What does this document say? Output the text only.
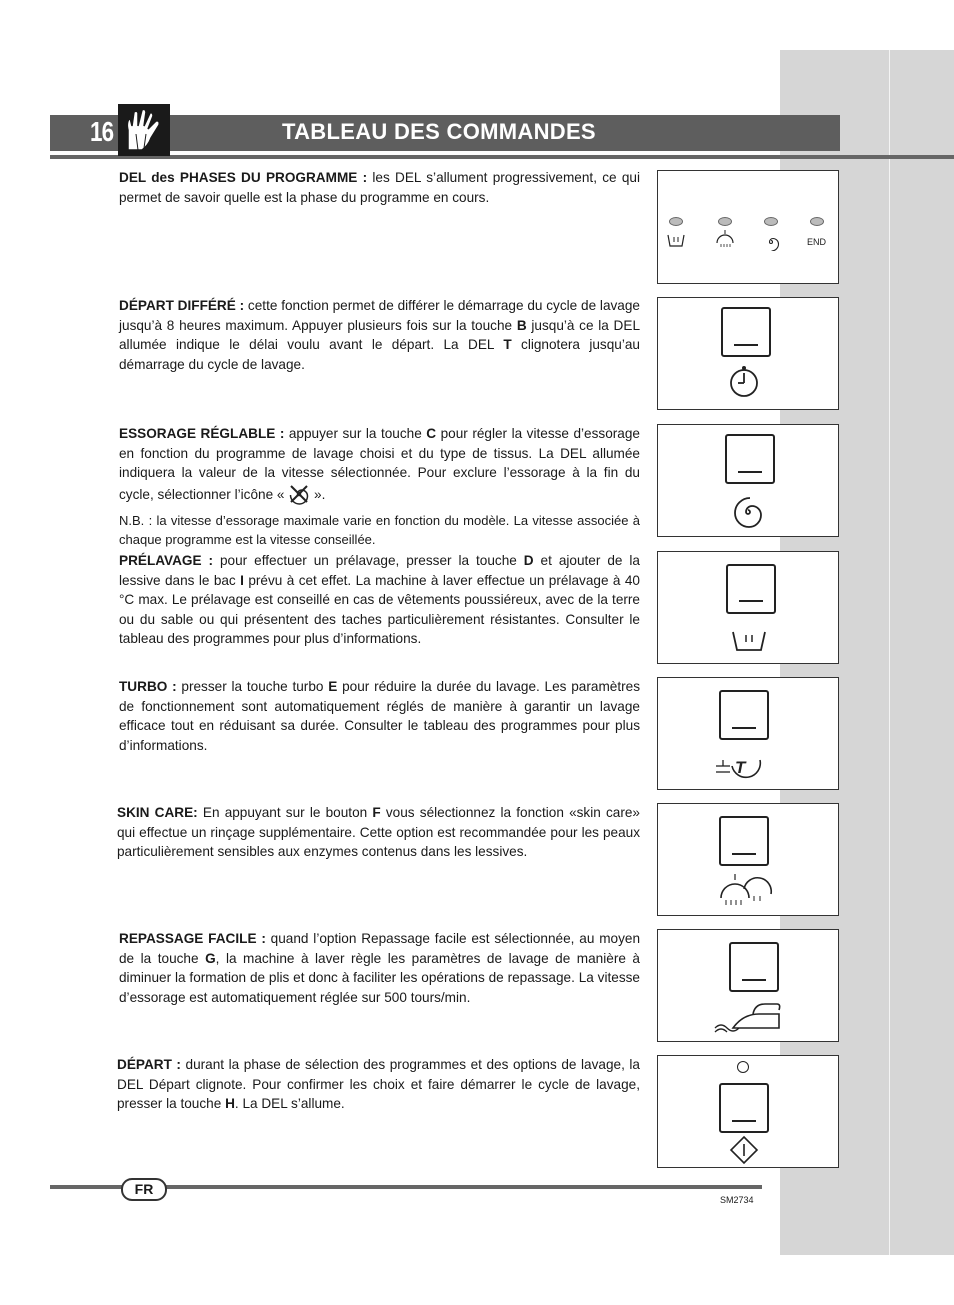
16	TABLEAU DES COMMANDES
DEL des PHASES DU PROGRAMME : les DEL s’allument progressivement, ce qui permet de savoir quelle est la phase du programme en cours.
DÉPART DIFFÉRÉ : cette fonction permet de différer le démarrage du cycle de lavage jusqu’à 8 heures maximum. Appuyer plusieurs fois sur la touche B jusqu’à ce la DEL allumée indique le délai voulu avant le départ. La DEL T clignotera jusqu’au démarrage du cycle de lavage.
ESSORAGE RÉGLABLE : appuyer sur la touche C pour régler la vitesse d’essorage en fonction du programme de lavage choisi et du type de tissus. La DEL allumée indiquera la valeur de la vitesse sélectionnée. Pour exclure l’essorage à la fin du cycle, sélectionner l’icône «  ».
N.B. : la vitesse d’essorage maximale varie en fonction du modèle. La vitesse associée à chaque programme est la vitesse conseillée.
PRÉLAVAGE : pour effectuer un prélavage, presser la touche D et ajouter de la lessive dans le bac I prévu à cet effet. La machine à laver effectue un prélavage à 40 °C max. Le prélavage est conseillé en cas de vêtements poussiéreux, avec de la terre ou du sable ou qui présentent des taches particulièrement résistantes. Consulter le tableau des programmes pour plus d’informations.
TURBO : presser la touche turbo E pour réduire la durée du lavage. Les paramètres de fonctionnement sont automatiquement réglés de manière à garantir un lavage efficace tout en réduisant sa durée. Consulter le tableau des programmes pour plus d’informations.
SKIN CARE: En appuyant sur le bouton F vous sélectionnez la fonction «skin care» qui effectue un rinçage supplémentaire. Cette option est recommandée pour les peaux particulièrement sensibles aux enzymes contenus dans les lessives.
REPASSAGE FACILE : quand l’option Repassage facile est sélectionnée, au moyen de la touche G, la machine à laver règle les paramètres de lavage de manière à diminuer la formation de plis et donc à faciliter les opérations de repassage. La vitesse d’essorage est automatiquement réglée sur 500 tours/min.
DÉPART : durant la phase de sélection des programmes et des options de lavage, la DEL Départ clignote. Pour confirmer les choix et faire démarrer le cycle de lavage, presser la touche H. La DEL s’allume.
END
T
FR
SM2734
